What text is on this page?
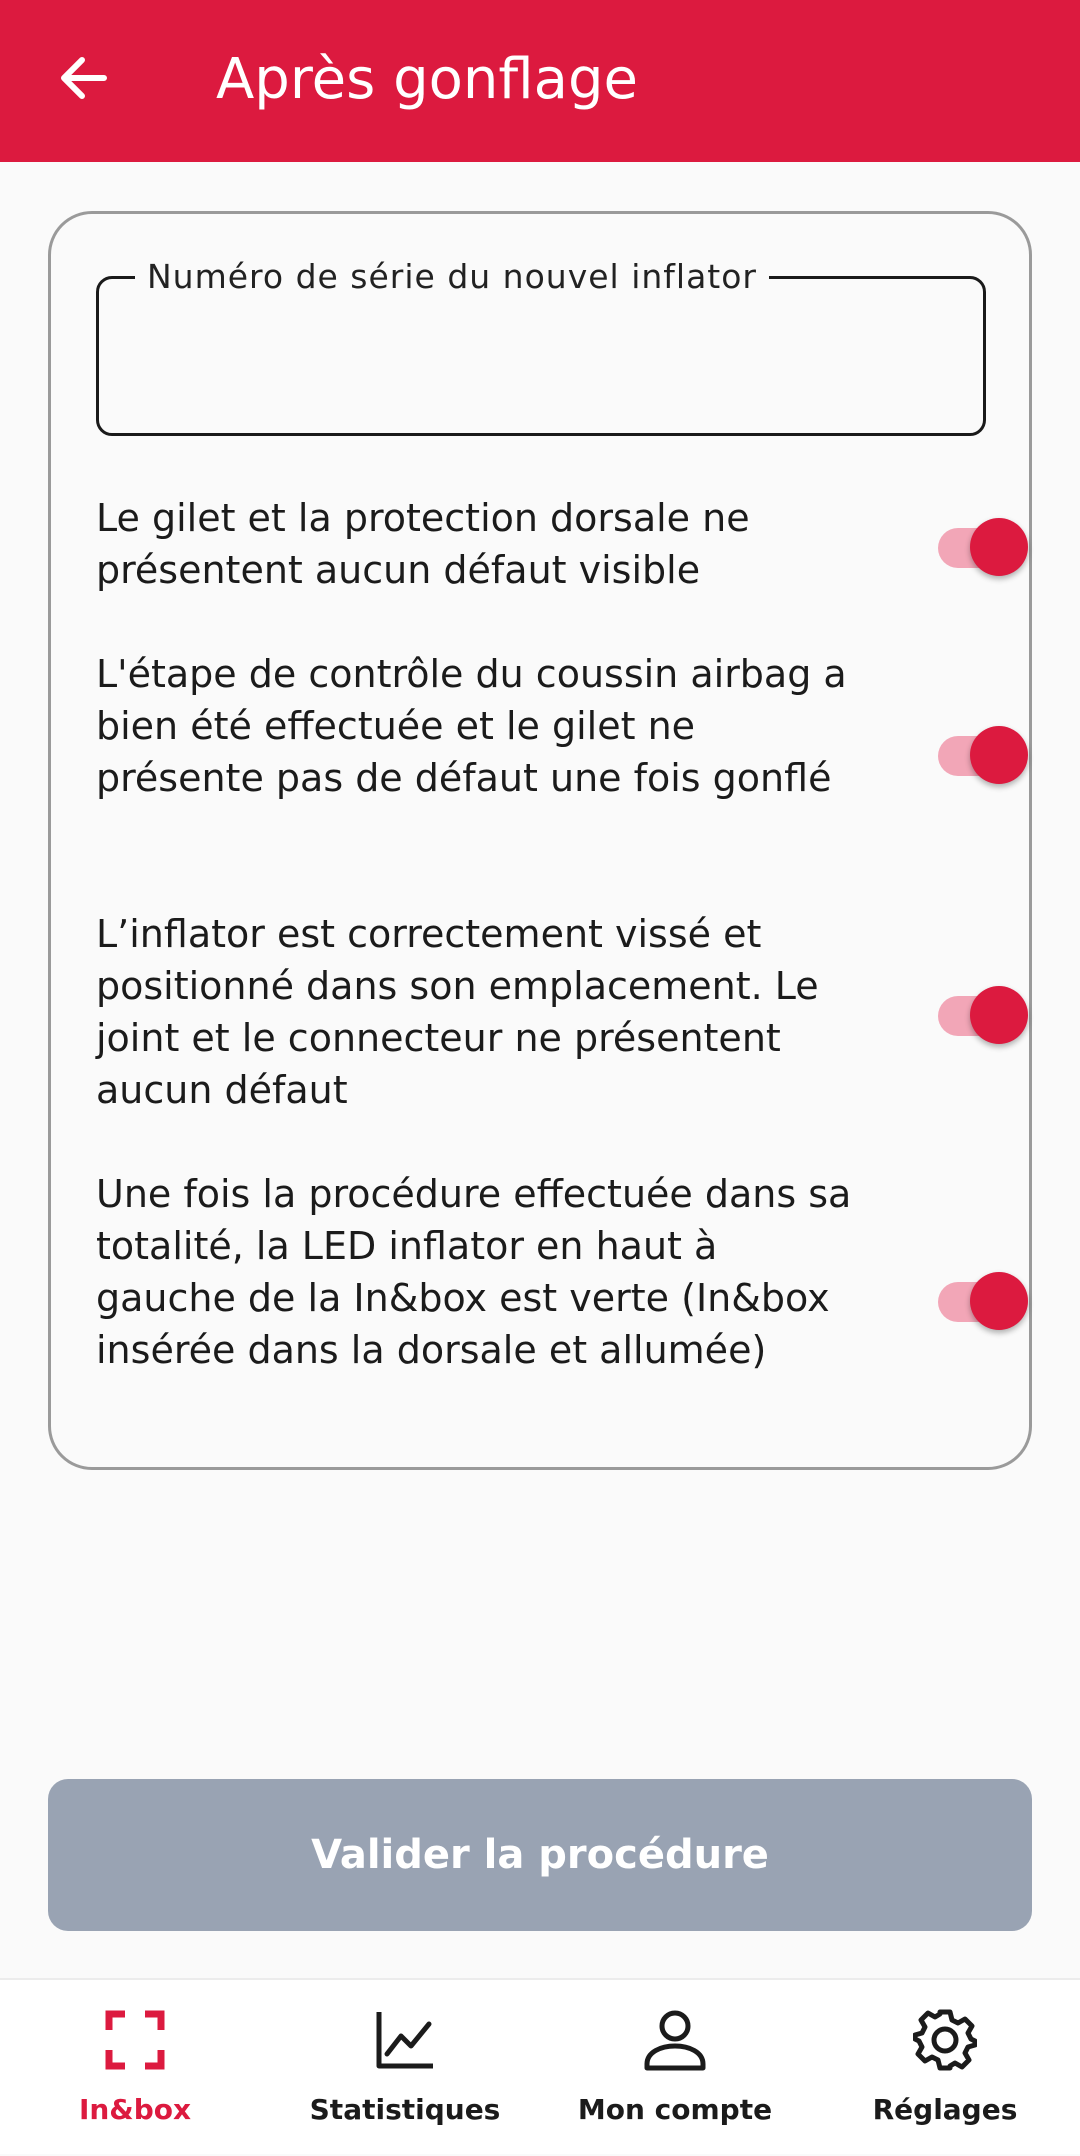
Après gonflage
Numéro de série du nouvel inflator
Le gilet et la protection dorsale ne présentent aucun défaut visible
L'étape de contrôle du coussin airbag a bien été effectuée et le gilet ne présente pas de défaut une fois gonflé
L’inflator est correctement vissé et positionné dans son emplacement. Le joint et le connecteur ne présentent aucun défaut
Une fois la procédure effectuée dans sa totalité, la LED inflator en haut à gauche de la In&box est verte (In&box insérée dans la dorsale et allumée)
Valider la procédure
In&box	Statistiques	Mon compte	Réglages
